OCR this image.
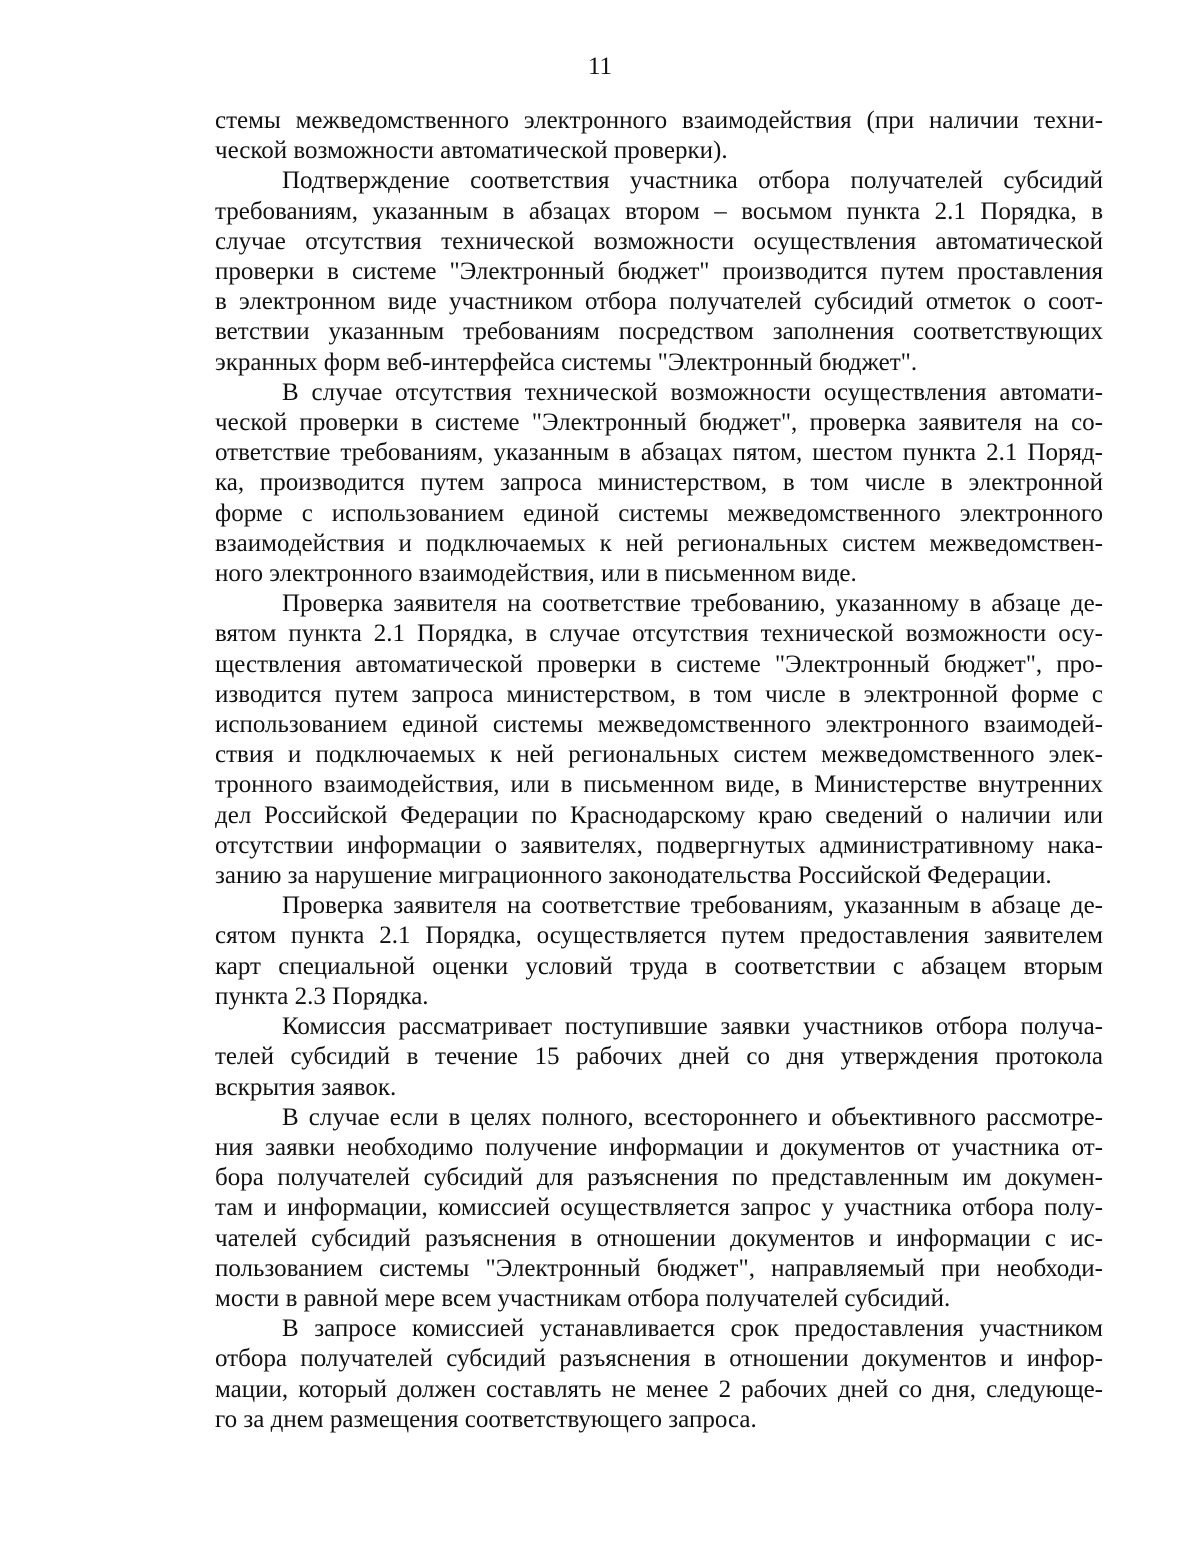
11

стемы межведомственного электронного взаимодействия (при наличии техни-
ческой возможности автоматической проверки).

Подтверждение соответствия участника отбора получателей субсидий
требованиям, указанным в абзацах втором – восьмом пункта 2.1 Порядка, в
случае отсутствия технической возможности осуществления автоматической
проверки в системе "Электронный бюджет" производится путем проставления
в электронном виде участником отбора получателей субсидий отметок о соот-
ветствии указанным требованиям посредством заполнения соответствующих
экранных форм веб-интерфейса системы "Электронный бюджет".

В случае отсутствия технической возможности осуществления автомати-
ческой проверки в системе "Электронный бюджет", проверка заявителя на со-
ответствие требованиям, указанным в абзацах пятом, шестом пункта 2.1 Поряд-
ка, производится путем запроса министерством, в том числе в электронной
форме с использованием единой системы межведомственного электронного
взаимодействия и подключаемых к ней региональных систем межведомствен-
ного электронного взаимодействия, или в письменном виде.

Проверка заявителя на соответствие требованию, указанному в абзаце де-
вятом пункта 2.1 Порядка, в случае отсутствия технической возможности осу-
ществления автоматической проверки в системе "Электронный бюджет", про-
изводится путем запроса министерством, в том числе в электронной форме с
использованием единой системы межведомственного электронного взаимодей-
ствия и подключаемых к ней региональных систем межведомственного элек-
тронного взаимодействия, или в письменном виде, в Министерстве внутренних
дел Российской Федерации по Краснодарскому краю сведений о наличии или
отсутствии информации о заявителях, подвергнутых административному нака-
занию за нарушение миграционного законодательства Российской Федерации.

Проверка заявителя на соответствие требованиям, указанным в абзаце де-
сятом пункта 2.1 Порядка, осуществляется путем предоставления заявителем
карт специальной оценки условий труда в соответствии с абзацем вторым
пункта 2.3 Порядка.

Комиссия рассматривает поступившие заявки участников отбора получа-
телей субсидий в течение 15 рабочих дней со дня утверждения протокола
вскрытия заявок.

В случае если в целях полного, всестороннего и объективного рассмотре-
ния заявки необходимо получение информации и документов от участника от-
бора получателей субсидий для разъяснения по представленным им докумен-
там и информации, комиссией осуществляется запрос у участника отбора полу-
чателей субсидий разъяснения в отношении документов и информации с ис-
пользованием системы "Электронный бюджет", направляемый при необходи-
мости в равной мере всем участникам отбора получателей субсидий.

В запросе комиссией устанавливается срок предоставления участником
отбора получателей субсидий разъяснения в отношении документов и инфор-
мации, который должен составлять не менее 2 рабочих дней со дня, следующе-
го за днем размещения соответствующего запроса.
